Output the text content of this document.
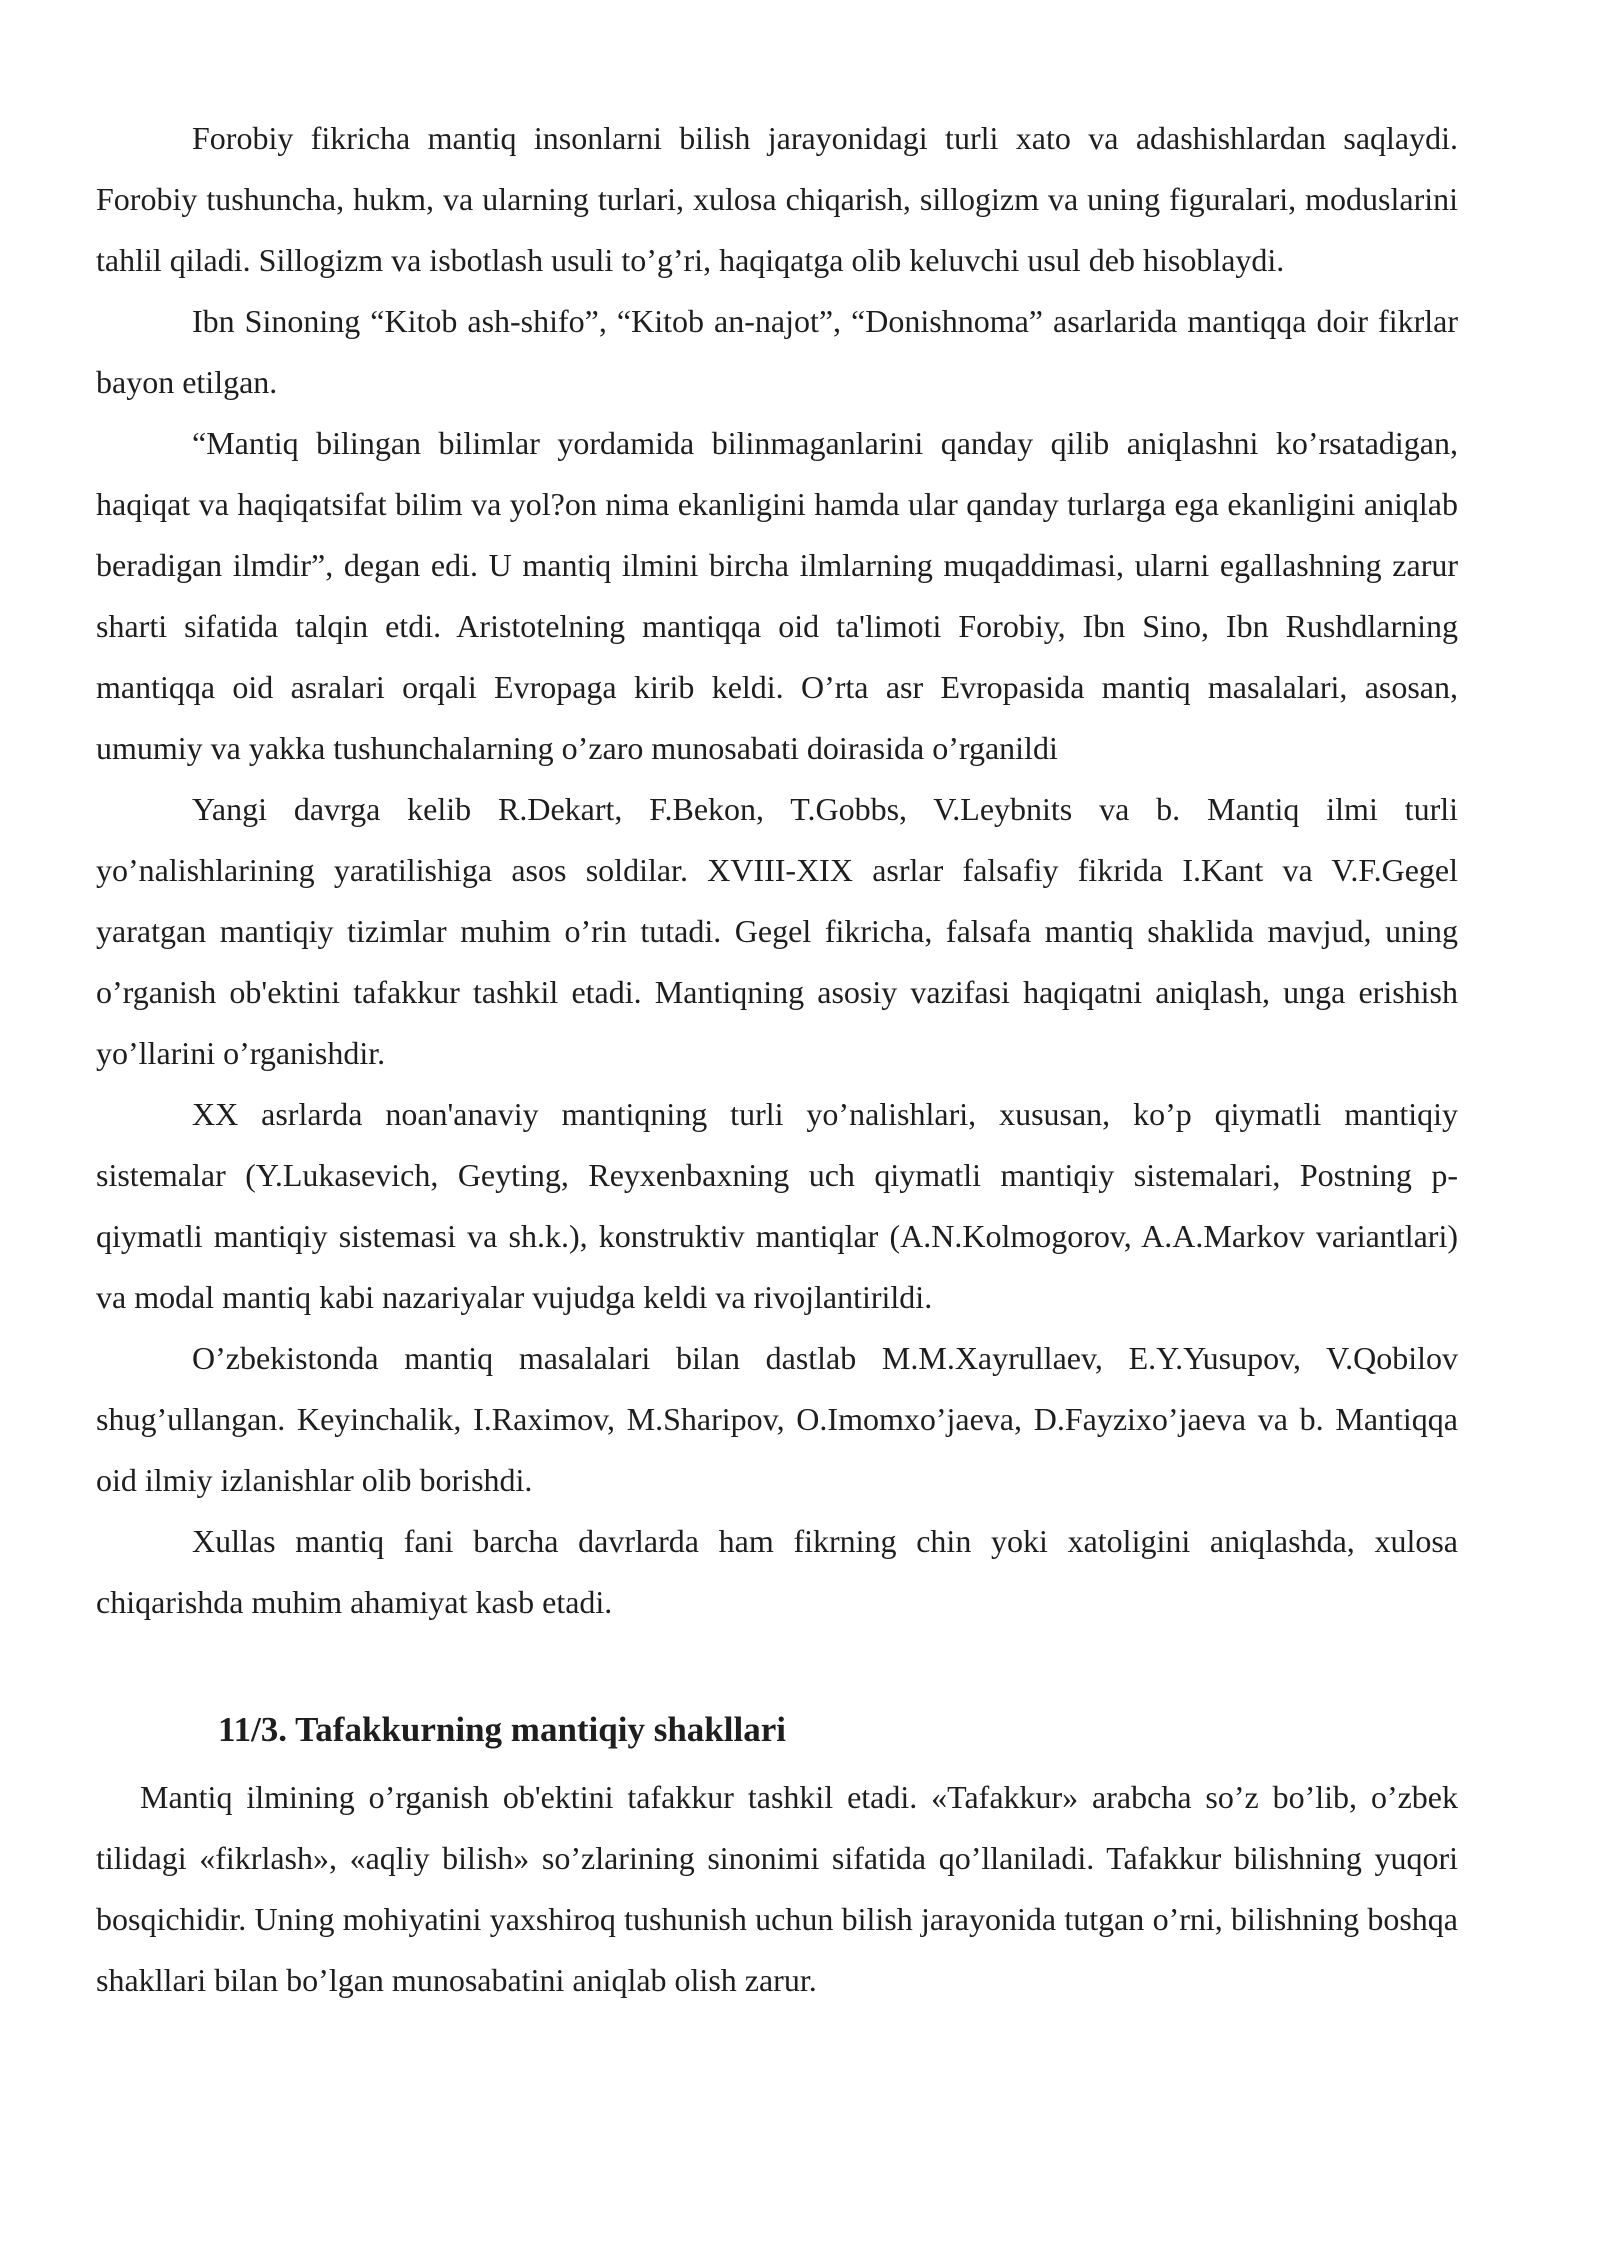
Forobiy fikricha mantiq insonlarni bilish jarayonidagi turli xato va adashishlardan saqlaydi. Forobiy tushuncha, hukm, va ularning turlari, xulosa chiqarish, sillogizm va uning figuralari, moduslarini tahlil qiladi. Sillogizm va isbotlash usuli to’g’ri, haqiqatga olib keluvchi usul deb hisoblaydi.

Ibn Sinoning “Kitob ash-shifo”, “Kitob an-najot”, “Donishnoma” asarlarida mantiqqa doir fikrlar bayon etilgan.

“Mantiq bilingan bilimlar yordamida bilinmaganlarini qanday qilib aniqlashni ko’rsatadigan, haqiqat va haqiqatsifat bilim va yol?on nima ekanligini hamda ular qanday turlarga ega ekanligini aniqlab beradigan ilmdir”, degan edi. U mantiq ilmini bircha ilmlarning muqaddimasi, ularni egallashning zarur sharti sifatida talqin etdi. Aristotelning mantiqqa oid ta'limoti Forobiy, Ibn Sino, Ibn Rushdlarning mantiqqa oid asralari orqali Evropaga kirib keldi. O’rta asr Evropasida mantiq masalalari, asosan, umumiy va yakka tushunchalarning o’zaro munosabati doirasida o’rganildi

Yangi davrga kelib R.Dekart, F.Bekon, T.Gobbs, V.Leybnits va b. Mantiq ilmi turli yo’nalishlarining yaratilishiga asos soldilar. XVIII-XIX asrlar falsafiy fikrida I.Kant va V.F.Gegel yaratgan mantiqiy tizimlar muhim o’rin tutadi. Gegel fikricha, falsafa mantiq shaklida mavjud, uning o’rganish ob'ektini tafakkur tashkil etadi. Mantiqning asosiy vazifasi haqiqatni aniqlash, unga erishish yo’llarini o’rganishdir.

XX asrlarda noan'anaviy mantiqning turli yo’nalishlari, xususan, ko’p qiymatli mantiqiy sistemalar (Y.Lukasevich, Geyting, Reyxenbaxning uch qiymatli mantiqiy sistemalari, Postning p-qiymatli mantiqiy sistemasi va sh.k.), konstruktiv mantiqlar (A.N.Kolmogorov, A.A.Markov variantlari) va modal mantiq kabi nazariyalar vujudga keldi va rivojlantirildi.

O’zbekistonda mantiq masalalari bilan dastlab M.M.Xayrullaev, E.Y.Yusupov, V.Qobilov shug’ullangan. Keyinchalik, I.Raximov, M.Sharipov, O.Imomxo’jaeva, D.Fayzixo’jaeva va b. Mantiqqa oid ilmiy izlanishlar olib borishdi.

Xullas mantiq fani barcha davrlarda ham fikrning chin yoki xatoligini aniqlashda, xulosa chiqarishda muhim ahamiyat kasb etadi.

11/3. Tafakkurning mantiqiy shakllari

Mantiq ilmining o’rganish ob'ektini tafakkur tashkil etadi. «Tafakkur» arabcha so’z bo’lib, o’zbek tilidagi «fikrlash», «aqliy bilish» so’zlarining sinonimi sifatida qo’llaniladi. Tafakkur bilishning yuqori bosqichidir. Uning mohiyatini yaxshiroq tushunish uchun bilish jarayonida tutgan o’rni, bilishning boshqa shakllari bilan bo’lgan munosabatini aniqlab olish zarur.
